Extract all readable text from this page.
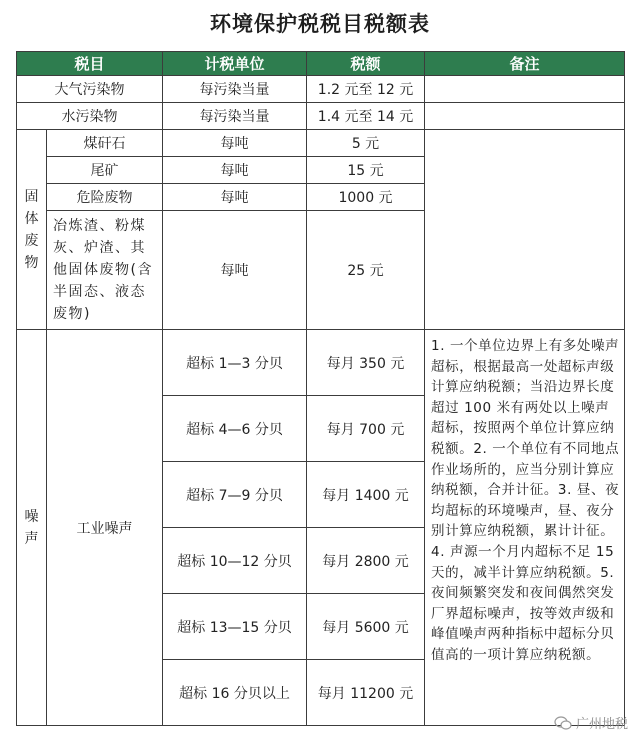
环境保护税税目税额表
税目		计税单位	税额	备注
大气污染物		每污染当量	1.2 元至 12 元	
水污染物		每污染当量	1.4 元至 14 元	

固
体
废
物	煤矸石	每吨	5 元	
	尾矿	每吨	15 元	
	危险废物	每吨	1000 元	
	冶炼渣、粉煤灰、炉渣、其他固体废物(含半固态、液态废物)	每吨	25 元	

噪
声	工业噪声	超标 1—3 分贝	每月 350 元	1. 一个单位边界上有多处噪声超标，根据最高一处超标声级计算应纳税额；当沿边界长度超过 100 米有两处以上噪声超标，按照两个单位计算应纳税额。2. 一个单位有不同地点作业场所的，应当分别计算应纳税额，合并计征。3. 昼、夜均超标的环境噪声，昼、夜分别计算应纳税额，累计计征。4. 声源一个月内超标不足 15 天的，减半计算应纳税额。5. 夜间频繁突发和夜间偶然突发厂界超标噪声，按等效声级和峰值噪声两种指标中超标分贝值高的一项计算应纳税额。
		超标 4—6 分贝	每月 700 元	
		超标 7—9 分贝	每月 1400 元	
		超标 10—12 分贝	每月 2800 元	
		超标 13—15 分贝	每月 5600 元	
		超标 16 分贝以上	每月 11200 元	
广州地税
